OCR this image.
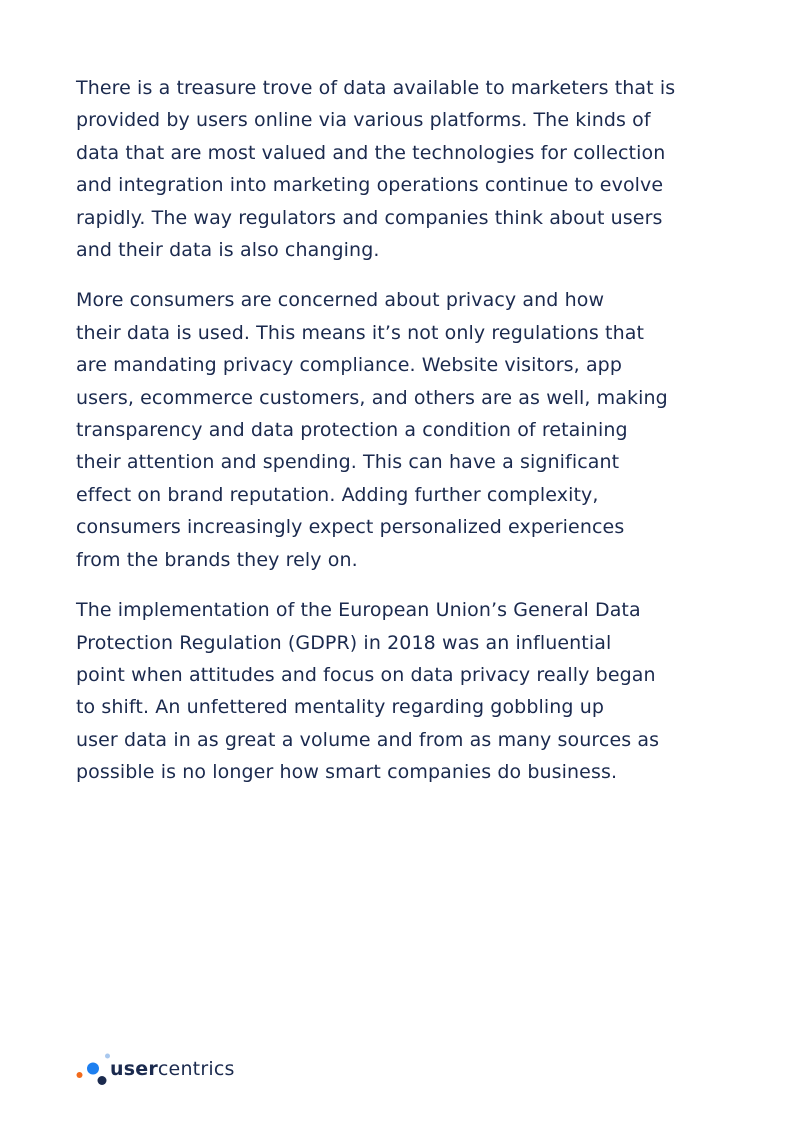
There is a treasure trove of data available to marketers that is
provided by users online via various platforms. The kinds of
data that are most valued and the technologies for collection
and integration into marketing operations continue to evolve
rapidly. The way regulators and companies think about users
and their data is also changing.

More consumers are concerned about privacy and how
their data is used. This means it’s not only regulations that
are mandating privacy compliance. Website visitors, app
users, ecommerce customers, and others are as well, making
transparency and data protection a condition of retaining
their attention and spending. This can have a significant
effect on brand reputation. Adding further complexity,
consumers increasingly expect personalized experiences
from the brands they rely on.

The implementation of the European Union’s General Data
Protection Regulation (GDPR) in 2018 was an influential
point when attitudes and focus on data privacy really began
to shift. An unfettered mentality regarding gobbling up
user data in as great a volume and from as many sources as
possible is no longer how smart companies do business.

usercentrics
